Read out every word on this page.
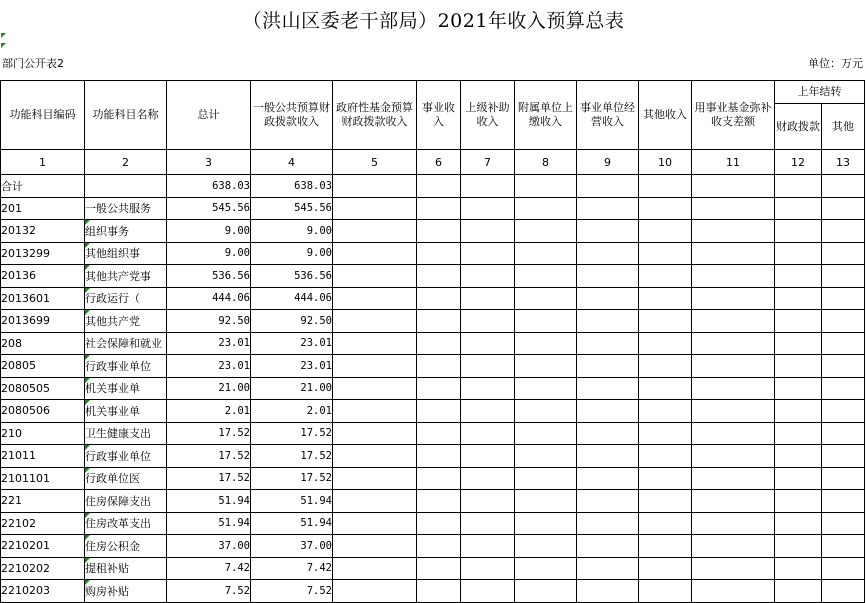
（洪山区委老干部局）2021年收入预算总表
部门公开表2	单位：万元
功能科目编码	功能科目名称	总计	一般公共预算财政拨款收入	政府性基金预算财政拨款收入	事业收入	上级补助收入	附属单位上缴收入	事业单位经营收入	其他收入	用事业基金弥补收支差额	上年结转	
											财政拨款	其他
1	2	3	4	5	6	7	8	9	10	11	12	13
合计		638.03	638.03									
201	一般公共服务	545.56	545.56									
20132	组织事务	9.00	9.00									
2013299	其他组织事	9.00	9.00									
20136	其他共产党事	536.56	536.56									
2013601	行政运行（	444.06	444.06									
2013699	其他共产党	92.50	92.50									
208	社会保障和就业	23.01	23.01									
20805	行政事业单位	23.01	23.01									
2080505	机关事业单	21.00	21.00									
2080506	机关事业单	2.01	2.01									
210	卫生健康支出	17.52	17.52									
21011	行政事业单位	17.52	17.52									
2101101	行政单位医	17.52	17.52									
221	住房保障支出	51.94	51.94									
22102	住房改革支出	51.94	51.94									
2210201	住房公积金	37.00	37.00									
2210202	提租补贴	7.42	7.42									
2210203	购房补贴	7.52	7.52									
